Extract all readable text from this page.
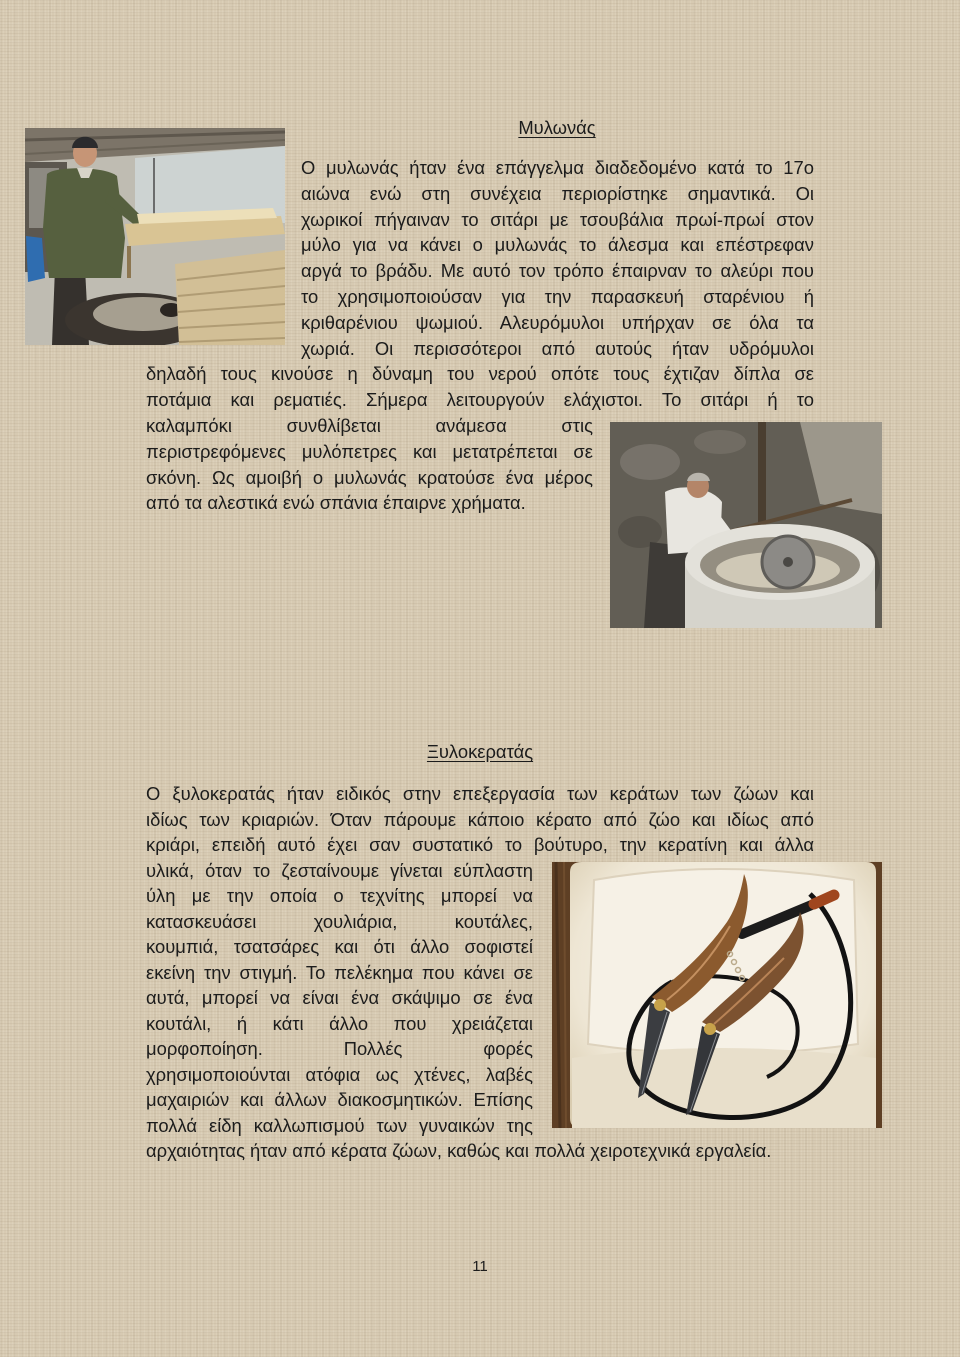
Μυλωνάς
Ο μυλωνάς ήταν ένα επάγγελμα διαδεδομένο κατά το 17ο
αιώνα ενώ στη συνέχεια περιορίστηκε σημαντικά. Οι
χωρικοί πήγαιναν το σιτάρι με τσουβάλια πρωί-πρωί στον
μύλο για να κάνει ο μυλωνάς το άλεσμα και επέστρεφαν
αργά το βράδυ. Με αυτό τον τρόπο έπαιρναν το αλεύρι που
το χρησιμοποιούσαν για την παρασκευή σταρένιου ή
κριθαρένιου ψωμιού. Αλευρόμυλοι υπήρχαν σε όλα τα
χωριά. Οι περισσότεροι από αυτούς ήταν υδρόμυλοι
δηλαδή τους κινούσε η δύναμη του νερού οπότε τους έχτιζαν δίπλα σε
ποτάμια και ρεματιές. Σήμερα λειτουργούν ελάχιστοι. Το σιτάρι ή το
καλαμπόκι συνθλίβεται ανάμεσα στις
περιστρεφόμενες μυλόπετρες και μετατρέπεται σε
σκόνη. Ως αμοιβή ο μυλωνάς κρατούσε ένα μέρος
από τα αλεστικά ενώ σπάνια έπαιρνε χρήματα.
Ξυλοκερατάς
Ο ξυλοκερατάς ήταν ειδικός στην επεξεργασία των κεράτων των ζώων και
ιδίως των κριαριών. Όταν πάρουμε κάποιο κέρατο από ζώο και ιδίως από
κριάρι, επειδή αυτό έχει σαν συστατικό το βούτυρο, την κερατίνη και άλλα
υλικά, όταν το ζεσταίνουμε γίνεται εύπλαστη
ύλη με την οποία ο τεχνίτης μπορεί να
κατασκευάσει χουλιάρια, κουτάλες,
κουμπιά, τσατσάρες και ότι άλλο σοφιστεί
εκείνη την στιγμή. Το πελέκημα που κάνει σε
αυτά, μπορεί να είναι ένα σκάψιμο σε ένα
κουτάλι, ή κάτι άλλο που χρειάζεται
μορφοποίηση. Πολλές φορές
χρησιμοποιούνται ατόφια ως χτένες, λαβές
μαχαιριών και άλλων διακοσμητικών. Επίσης
πολλά είδη καλλωπισμού των γυναικών της
αρχαιότητας ήταν από κέρατα ζώων, καθώς και πολλά χειροτεχνικά εργαλεία.
11
